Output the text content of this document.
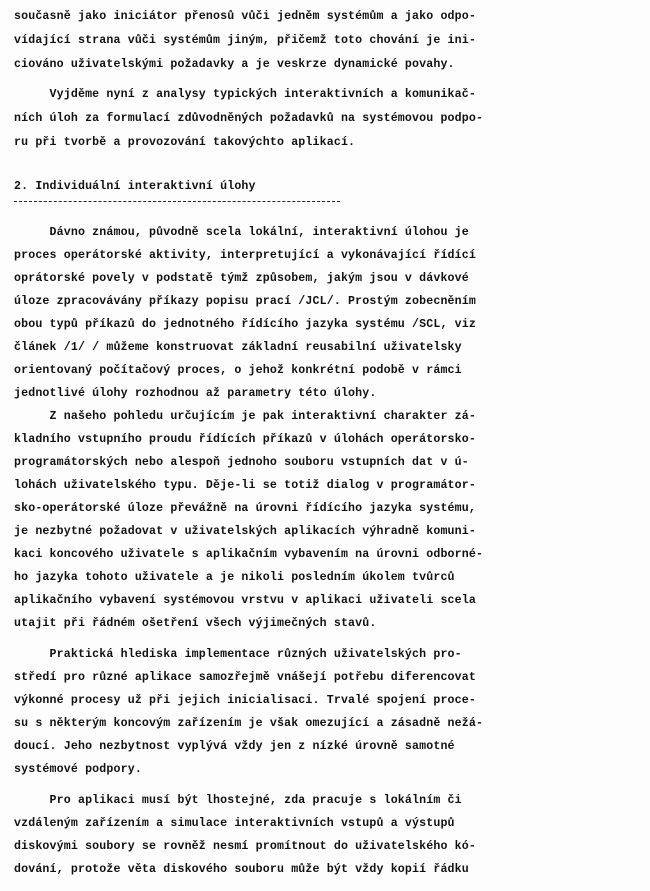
současně jako iniciátor přenosů vůči jedněm systémům a jako odpo-
vídající strana vůči systémům jiným, přičemž toto chování je ini-
ciováno uživatelskými požadavky a je veskrze dynamické povahy.
Vyjděme nyní z analysy typických interaktivních a komunikač-
ních úloh za formulací zdůvodněných požadavků na systémovou podpo-
ru při tvorbě a provozování takovýchto aplikací.
2. Individuální interaktivní úlohy
Dávno známou, původně scela lokální, interaktivní úlohou je
proces operátorské aktivity, interpretující a vykonávající řídící
oprátorské povely v podstatě týmž způsobem, jakým jsou v dávkové
úloze zpracovávány příkazy popisu prací /JCL/. Prostým zobecněním
obou typů příkazů do jednotného řídícího jazyka systému /SCL, viz
článek /1/ / můžeme konstruovat základní reusabilní uživatelsky
orientovaný počítačový proces, o jehož konkrétní podobě v rámci
jednotlivé úlohy rozhodnou až parametry této úlohy.
Z našeho pohledu určujícím je pak interaktivní charakter zá-
kladního vstupního proudu řídících příkazů v úlohách operátorsko-
programátorských nebo alespoň jednoho souboru vstupních dat v ú-
lohách uživatelského typu. Děje-li se totiž dialog v programátor-
sko-operátorské úloze převážně na úrovni řídícího jazyka systému,
je nezbytné požadovat v uživatelských aplikacích výhradně komuni-
kaci koncového uživatele s aplikačním vybavením na úrovni odborné-
ho jazyka tohoto uživatele a je nikoli posledním úkolem tvůrců
aplikačního vybavení systémovou vrstvu v aplikaci uživateli scela
utajit při řádném ošetření všech výjimečných stavů.
Praktická hlediska implementace různých uživatelských pro-
středí pro různé aplikace samozřejmě vnášejí potřebu diferencovat
výkonné procesy už při jejich inicialisaci. Trvalé spojení proce-
su s některým koncovým zařízením je však omezující a zásadně nežá-
doucí. Jeho nezbytnost vyplývá vždy jen z nízké úrovně samotné
systémové podpory.
Pro aplikaci musí být lhostejné, zda pracuje s lokálním či
vzdáleným zařízením a simulace interaktivních vstupů a výstupů
diskovými soubory se rovněž nesmí promítnout do uživatelského kó-
dování, protože věta diskového souboru může být vždy kopií řádku
